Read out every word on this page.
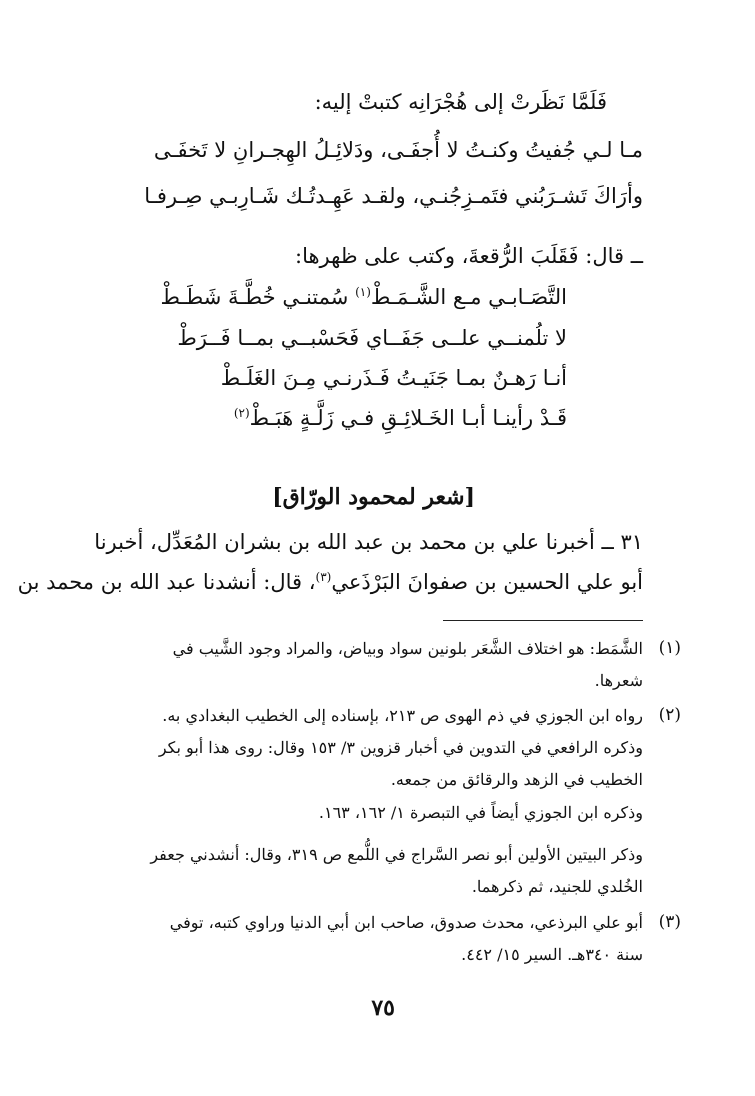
فَلَمَّا نَظَرتْ إلى هُجْرَانِه كتبتْ إليه:
مـا لـي جُفيتُ وكنـتُ لا أُجفَـى، ودَلائِـلُ الهِجـرانِ لا تَخفَـى
وأرَاكَ تَشـرَبُني فتَمـزِجُنـي، ولقـد عَهِـدتُـك شَـارِبـي صِـرفـا
ــ قال: فَقَلَبَ الرُّقعةَ، وكتب على ظهرها:
التَّصَـابـي مـع الشَّـمَـطْ$^{(١)}$ سُمتنـي خُطَّـةَ شَطَـطْ
لا تلُمنــي علــى جَفَــاي فَحَسْبــي بمــا فَــرَطْ
أنـا رَهـنٌ بمـا جَنَيـتُ فَـذَرنـي مِـنَ الغَلَـطْ
قَـدْ رأينـا أبـا الخَـلائِـقِ فـي زَلَّـةٍ هَبَـطْ$^{(٢)}$
[شعر لمحمود الورّاق]
٣١ ــ أخبرنا علي بن محمد بن عبد الله بن بشران المُعَدِّل، أخبرنا
أبو علي الحسين بن صفوانَ البَرْذَعي$^{(٣)}$، قال: أنشدنا عبد الله بن محمد بن
(١)
الشَّمَط: هو اختلاف الشَّعَر بلونين سواد وبياض، والمراد وجود الشَّيب في
شعرها.
(٢)
رواه ابن الجوزي في ذم الهوى ص ٢١٣، بإسناده إلى الخطيب البغدادي به.
وذكره الرافعي في التدوين في أخبار قزوين ٣/ ١٥٣ وقال: روى هذا أبو بكر
الخطيب في الزهد والرقائق من جمعه.
وذكره ابن الجوزي أيضاً في التبصرة ١/ ١٦٢، ١٦٣.
وذكر البيتين الأولين أبو نصر السَّراج في اللُّمع ص ٣١٩، وقال: أنشدني جعفر
الخُلدي للجنيد، ثم ذكرهما.
(٣)
أبو علي البرذعي، محدث صدوق، صاحب ابن أبي الدنيا وراوي كتبه، توفي
سنة ٣٤٠هـ. السير ١٥/ ٤٤٢.
٧٥
